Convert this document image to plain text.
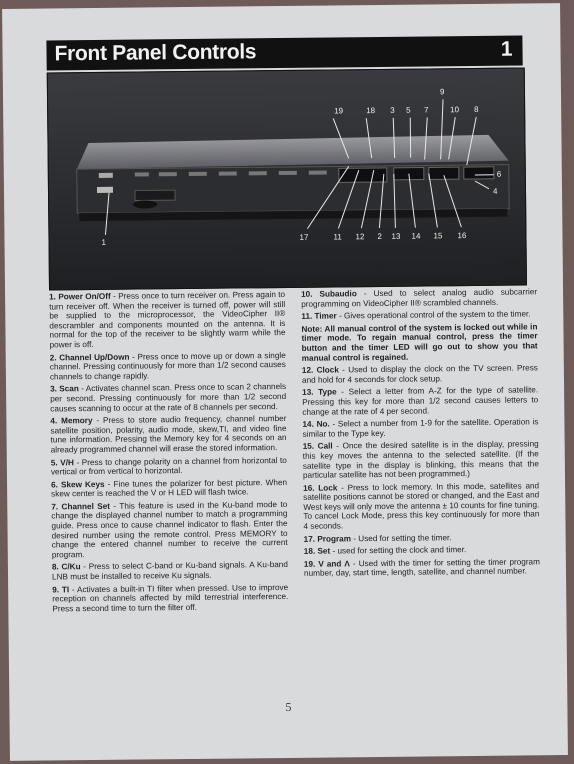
Front Panel Controls	1
19	18 3 5 7	10 8
9
6
4
17	11 12 2 13 14 15 16
1

1. Power On/Off - Press once to turn receiver on. Press again to turn receiver off. When the receiver is turned off, power will still be supplied to the microprocessor, the VideoCipher II® descrambler and components mounted on the antenna. It is normal for the top of the receiver to be slightly warm while the power is off.

2. Channel Up/Down - Press once to move up or down a single channel. Pressing continuously for more than 1/2 second causes channels to change rapidly.

3. Scan - Activates channel scan. Press once to scan 2 channels per second. Pressing continuously for more than 1/2 second causes scanning to occur at the rate of 8 channels per second.

4. Memory - Press to store audio frequency, channel number satellite position, polarity, audio mode, skew,TI, and video fine tune information. Pressing the Memory key for 4 seconds on an already programmed channel will erase the stored information.

5. V/H - Press to change polarity on a channel from horizontal to vertical or from vertical to horizontal.

6. Skew Keys - Fine tunes the polarizer for best picture. When skew center is reached the V or H LED will flash twice.

7. Channel Set - This feature is used in the Ku-band mode to change the displayed channel number to match a programming guide. Press once to cause channel indicator to flash. Enter the desired number using the remote control. Press MEMORY to change the entered channel number to receive the current program.

8. C/Ku - Press to select C-band or Ku-band signals. A Ku-band LNB must be installed to receive Ku signals.

9. TI - Activates a built-in TI filter when pressed. Use to improve reception on channels affected by mild terrestrial interference. Press a second time to turn the filter off.

10. Subaudio - Used to select analog audio subcarrier programming on VideoCipher II® scrambled channels.

11. Timer - Gives operational control of the system to the timer.

Note: All manual control of the system is locked out while in timer mode. To regain manual control, press the timer button and the timer LED will go out to show you that manual control is regained.

12. Clock - Used to display the clock on the TV screen. Press and hold for 4 seconds for clock setup.

13. Type - Select a letter from A-Z for the type of satellite. Pressing this key for more than 1/2 second causes letters to change at the rate of 4 per second.

14. No. - Select a number from 1-9 for the satellite. Operation is similar to the Type key.

15. Call - Once the desired satellite is in the display, pressing this key moves the antenna to the selected satellite. (If the satellite type in the display is blinking, this means that the particular satellite has not been programmed.)

16. Lock - Press to lock memory. In this mode, satellites and satellite positions cannot be stored or changed, and the East and West keys will only move the antenna ± 10 counts for fine tuning. To cancel Lock Mode, press this key continuously for more than 4 seconds.

17. Program - Used for setting the timer.

18. Set - used for setting the clock and timer.

19. V and Λ - Used with the timer for setting the timer program number, day, start time, length, satellite, and channel number.

5
